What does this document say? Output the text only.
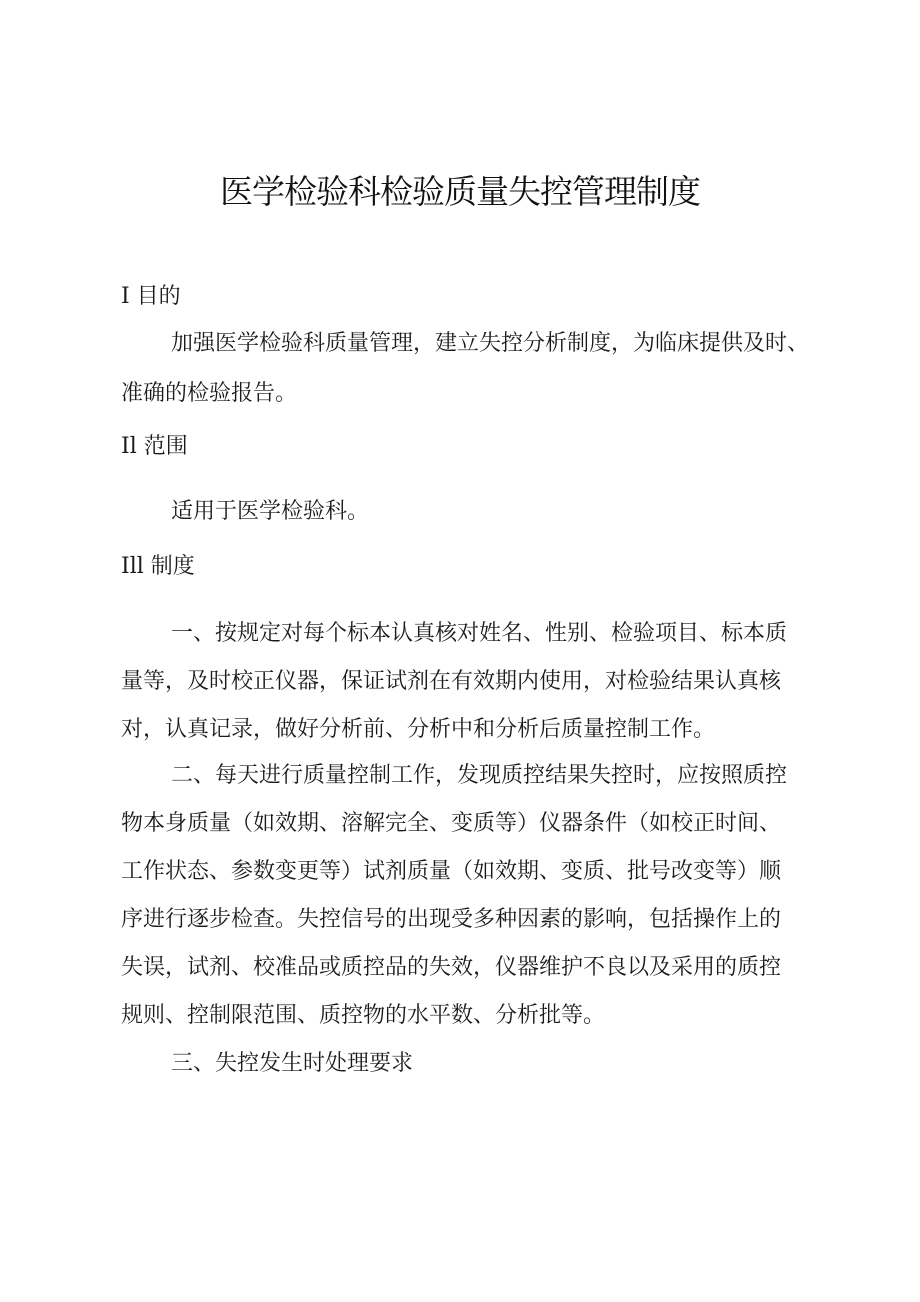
医学检验科检验质量失控管理制度
I 目的
加强医学检验科质量管理，建立失控分析制度，为临床提供及时、
准确的检验报告。
Il 范围
适用于医学检验科。
Ill 制度
一、按规定对每个标本认真核对姓名、性别、检验项目、标本质
量等，及时校正仪器，保证试剂在有效期内使用，对检验结果认真核
对，认真记录，做好分析前、分析中和分析后质量控制工作。
二、每天进行质量控制工作，发现质控结果失控时，应按照质控
物本身质量（如效期、溶解完全、变质等）仪器条件（如校正时间、
工作状态、参数变更等）试剂质量（如效期、变质、批号改变等）顺
序进行逐步检查。失控信号的出现受多种因素的影响，包括操作上的
失误，试剂、校准品或质控品的失效，仪器维护不良以及采用的质控
规则、控制限范围、质控物的水平数、分析批等。
三、失控发生时处理要求
